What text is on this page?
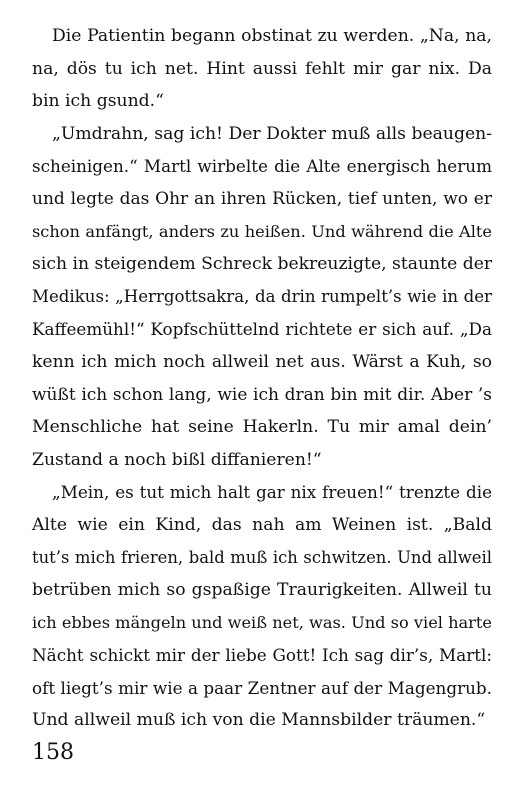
Die Patientin begann obstinat zu werden. „Na, na,
na, dös tu ich net. Hint aussi fehlt mir gar nix. Da
bin ich gsund.“
„Umdrahn, sag ich! Der Dokter muß alls beaugen-
scheinigen.“ Martl wirbelte die Alte energisch herum
und legte das Ohr an ihren Rücken, tief unten, wo er
schon anfängt, anders zu heißen. Und während die Alte
sich in steigendem Schreck bekreuzigte, staunte der
Medikus: „Herrgottsakra, da drin rumpelt’s wie in der
Kaffeemühl!“ Kopfschüttelnd richtete er sich auf. „Da
kenn ich mich noch allweil net aus. Wärst a Kuh, so
wüßt ich schon lang, wie ich dran bin mit dir. Aber ’s
Menschliche hat seine Hakerln. Tu mir amal dein’
Zustand a noch bißl diffanieren!“
„Mein, es tut mich halt gar nix freuen!“ trenzte die
Alte wie ein Kind, das nah am Weinen ist. „Bald
tut’s mich frieren, bald muß ich schwitzen. Und allweil
betrüben mich so gspaßige Traurigkeiten. Allweil tu
ich ebbes mängeln und weiß net, was. Und so viel harte
Nächt schickt mir der liebe Gott! Ich sag dir’s, Martl:
oft liegt’s mir wie a paar Zentner auf der Magengrub.
Und allweil muß ich von die Mannsbilder träumen.“
158
